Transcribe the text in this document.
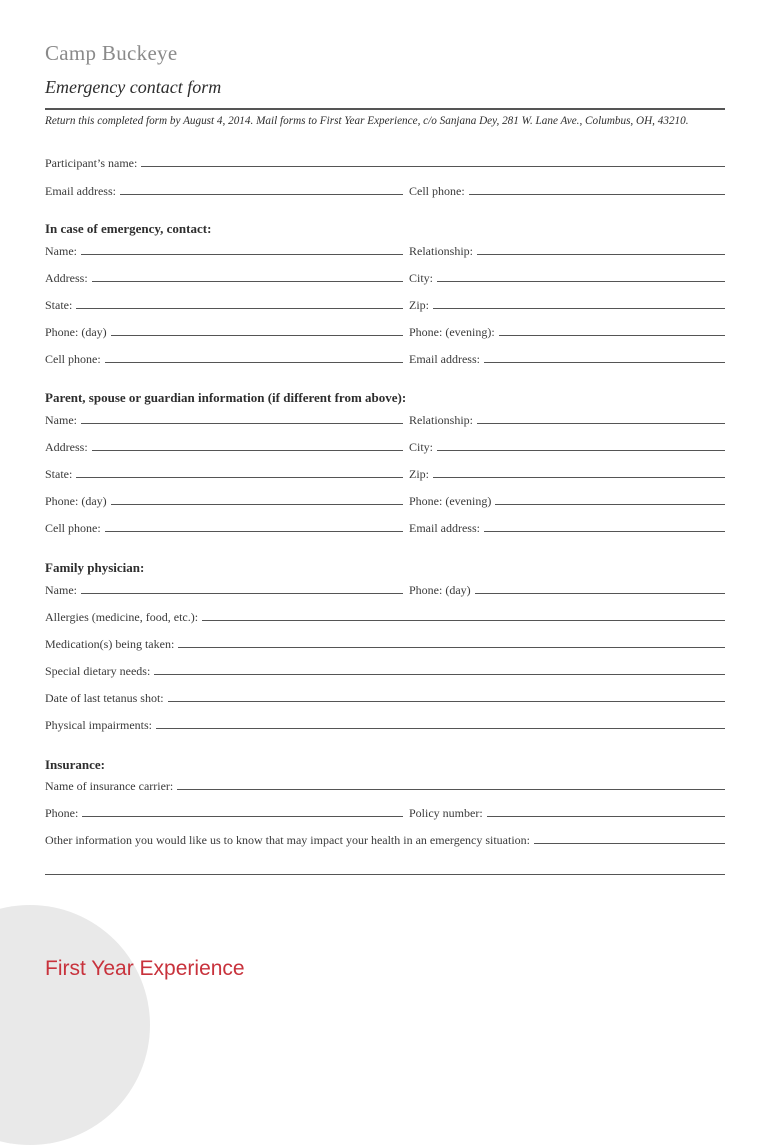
Camp Buckeye
Emergency contact form
Return this completed form by August 4, 2014. Mail forms to First Year Experience, c/o Sanjana Dey, 281 W. Lane Ave., Columbus, OH, 43210.
Participant’s name:
Email address:	Cell phone:
In case of emergency, contact:
Name:	Relationship:
Address:	City:
State:	Zip:
Phone: (day)	Phone: (evening):
Cell phone:	Email address:
Parent, spouse or guardian information (if different from above):
Name:	Relationship:
Address:	City:
State:	Zip:
Phone: (day)	Phone: (evening)
Cell phone:	Email address:
Family physician:
Name:	Phone: (day)
Allergies (medicine, food, etc.):
Medication(s) being taken:
Special dietary needs:
Date of last tetanus shot:
Physical impairments:
Insurance:
Name of insurance carrier:
Phone:	Policy number:
Other information you would like us to know that may impact your health in an emergency situation:
First Year Experience
